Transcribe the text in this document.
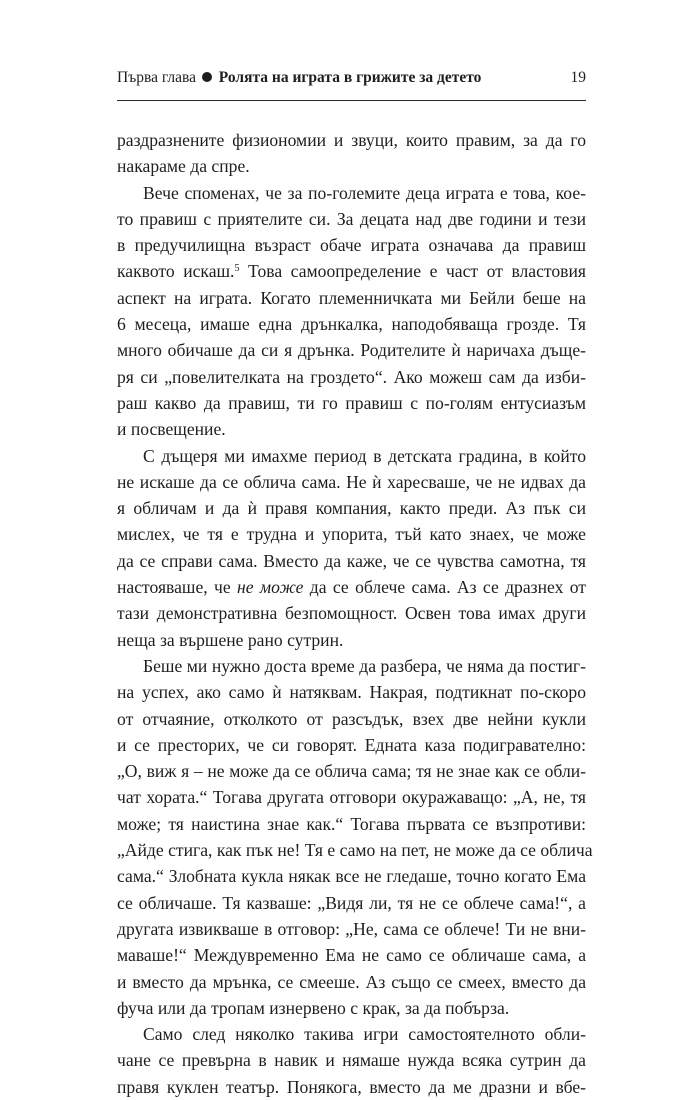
Първа глава Ролята на играта в грижите за детето	19
раздразнените физиономии и звуци, които правим, за да го
накараме да спре.
Вече споменах, че за по-големите деца играта е това, кое-
то правиш с приятелите си. За децата над две години и тези
в предучилищна възраст обаче играта означава да правиш
каквото искаш.$^5$ Това самоопределение е част от властовия
аспект на играта. Когато племенничката ми Бейли беше на
6 месеца, имаше една дрънкалка, наподобяваща грозде. Тя
много обичаше да си я дрънка. Родителите ѝ наричаха дъще-
ря си „повелителката на гроздето“. Ако можеш сам да изби-
раш какво да правиш, ти го правиш с по-голям ентусиазъм
и посвещение.
С дъщеря ми имахме период в детската градина, в който
не искаше да се облича сама. Не ѝ харесваше, че не идвах да
я обличам и да ѝ правя компания, както преди. Аз пък си
мислех, че тя е трудна и упорита, тъй като знаех, че може
да се справи сама. Вместо да каже, че се чувства самотна, тя
настояваше, че не може да се облече сама. Аз се дразнех от
тази демонстративна безпомощност. Освен това имах други
неща за вършене рано сутрин.
Беше ми нужно доста време да разбера, че няма да постиг-
на успех, ако само ѝ натяквам. Накрая, подтикнат по-скоро
от отчаяние, отколкото от разсъдък, взех две нейни кукли
и се престорих, че си говорят. Едната каза подигравателно:
„О, виж я – не може да се облича сама; тя не знае как се обли-
чат хората.“ Тогава другата отговори окуражаващо: „А, не, тя
може; тя наистина знае как.“ Тогава първата се възпротиви:
„Айде стига, как пък не! Тя е само на пет, не може да се облича
сама.“ Злобната кукла някак все не гледаше, точно когато Ема
се обличаше. Тя казваше: „Видя ли, тя не се облече сама!“, а
другата извикваше в отговор: „Не, сама се облече! Ти не вни-
маваше!“ Междувременно Ема не само се обличаше сама, а
и вместо да мрънка, се смееше. Аз също се смеех, вместо да
фуча или да тропам изнервено с крак, за да побърза.
Само след няколко такива игри самостоятелното обли-
чане се превърна в навик и нямаше нужда всяка сутрин да
правя куклен театър. Понякога, вместо да ме дразни и вбе-
